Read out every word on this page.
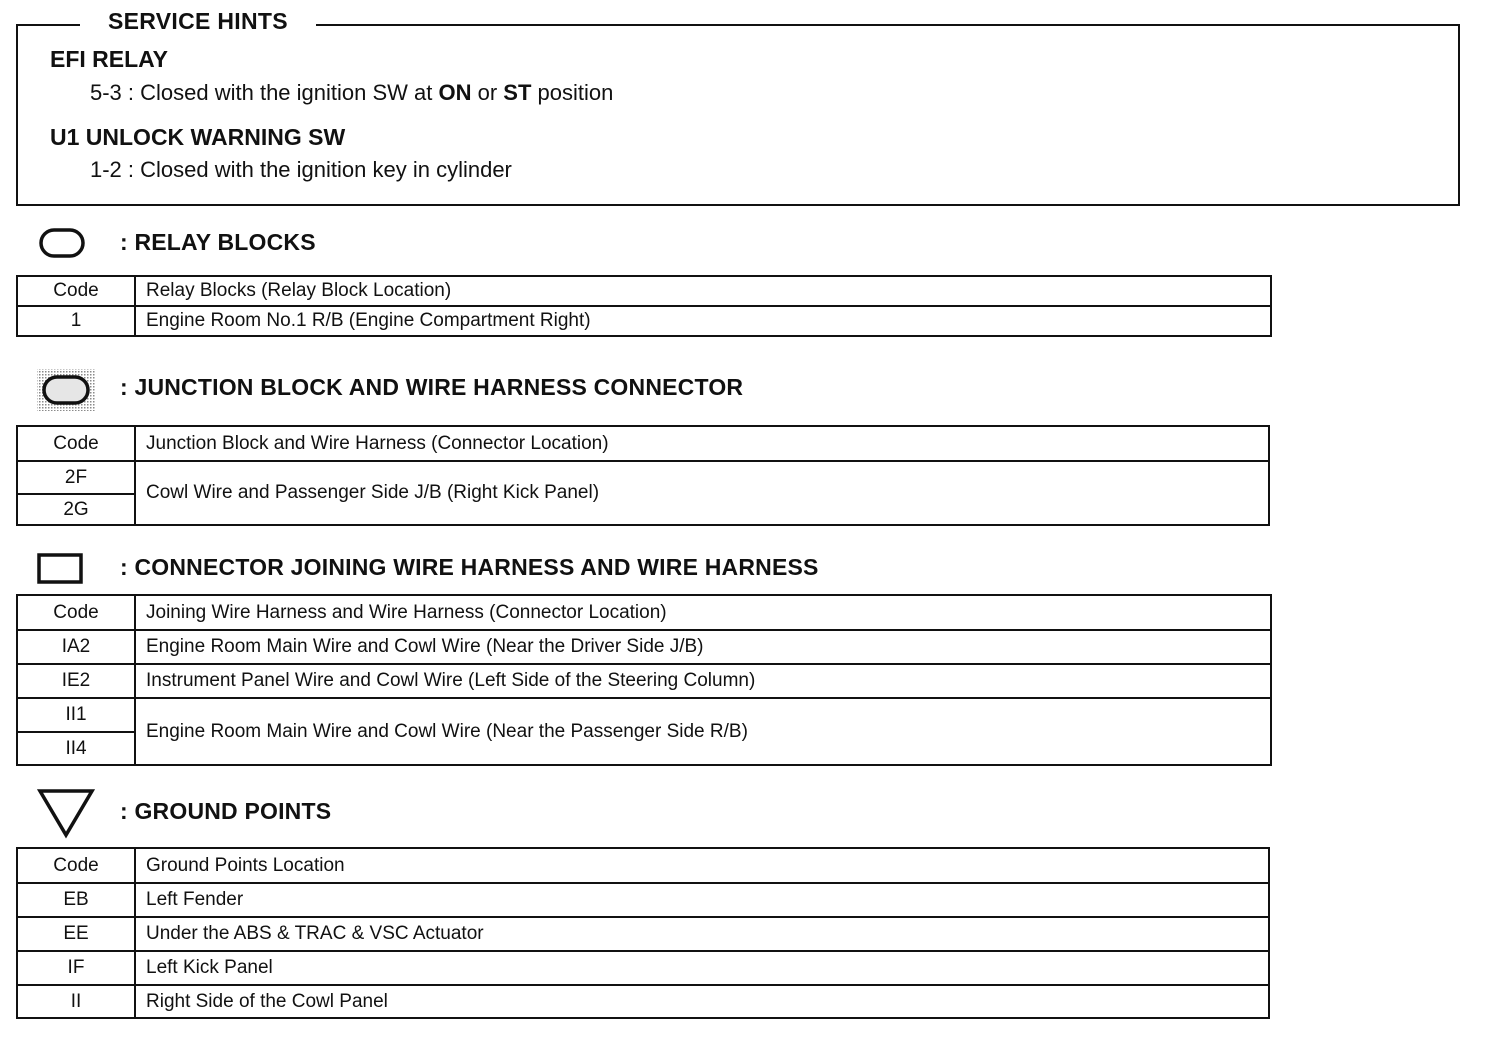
SERVICE HINTS
EFI RELAY
5-3 : Closed with the ignition SW at ON or ST position
U1 UNLOCK WARNING SW
1-2 : Closed with the ignition key in cylinder
: RELAY BLOCKS
Code	Relay Blocks (Relay Block Location)
1	Engine Room No.1 R/B (Engine Compartment Right)
: JUNCTION BLOCK AND WIRE HARNESS CONNECTOR
Code	Junction Block and Wire Harness (Connector Location)
2F	Cowl Wire and Passenger Side J/B (Right Kick Panel)
2G	
: CONNECTOR JOINING WIRE HARNESS AND WIRE HARNESS
Code	Joining Wire Harness and Wire Harness (Connector Location)
IA2	Engine Room Main Wire and Cowl Wire (Near the Driver Side J/B)
IE2	Instrument Panel Wire and Cowl Wire (Left Side of the Steering Column)
II1	Engine Room Main Wire and Cowl Wire (Near the Passenger Side R/B)
II4	
: GROUND POINTS
Code	Ground Points Location
EB	Left Fender
EE	Under the ABS & TRAC & VSC Actuator
IF	Left Kick Panel
II	Right Side of the Cowl Panel
